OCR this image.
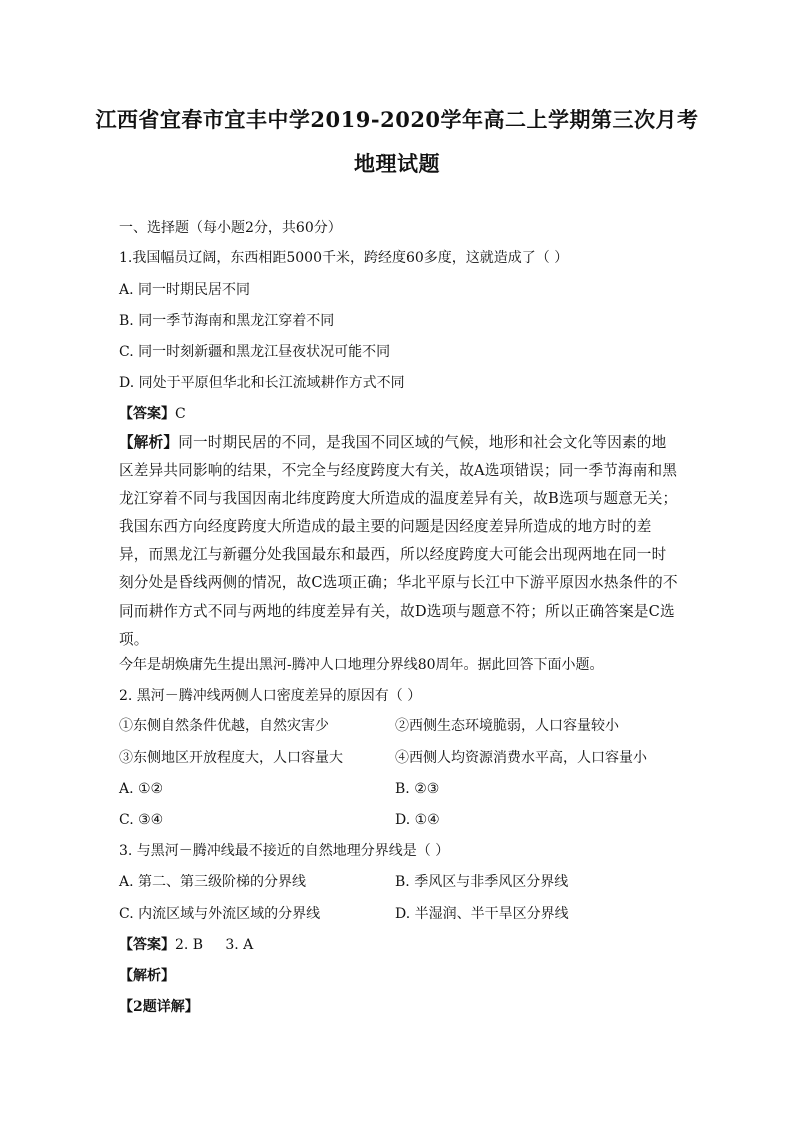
江西省宜春市宜丰中学2019-2020学年高二上学期第三次月考
地理试题
一、选择题（每小题2分，共60分）
1.我国幅员辽阔，东西相距5000千米，跨经度60多度，这就造成了（ ）
A. 同一时期民居不同
B. 同一季节海南和黑龙江穿着不同
C. 同一时刻新疆和黑龙江昼夜状况可能不同
D. 同处于平原但华北和长江流域耕作方式不同
【答案】C
【解析】同一时期民居的不同，是我国不同区域的气候，地形和社会文化等因素的地区差异共同影响的结果，不完全与经度跨度大有关，故A选项错误；同一季节海南和黑龙江穿着不同与我国因南北纬度跨度大所造成的温度差异有关，故B选项与题意无关；我国东西方向经度跨度大所造成的最主要的问题是因经度差异所造成的地方时的差异，而黑龙江与新疆分处我国最东和最西，所以经度跨度大可能会出现两地在同一时刻分处是昏线两侧的情况，故C选项正确；华北平原与长江中下游平原因水热条件的不同而耕作方式不同与两地的纬度差异有关，故D选项与题意不符；所以正确答案是C选项。
今年是胡焕庸先生提出黑河-腾冲人口地理分界线80周年。据此回答下面小题。
2. 黑河－腾冲线两侧人口密度差异的原因有（ ）
①东侧自然条件优越，自然灾害少	②西侧生态环境脆弱，人口容量较小
③东侧地区开放程度大，人口容量大	④西侧人均资源消费水平高，人口容量小
A. ①②	B. ②③
C. ③④	D. ①④
3. 与黑河－腾冲线最不接近的自然地理分界线是（ ）
A. 第二、第三级阶梯的分界线	B. 季风区与非季风区分界线
C. 内流区域与外流区域的分界线	D. 半湿润、半干旱区分界线
【答案】2. B     3. A
【解析】
【2题详解】
